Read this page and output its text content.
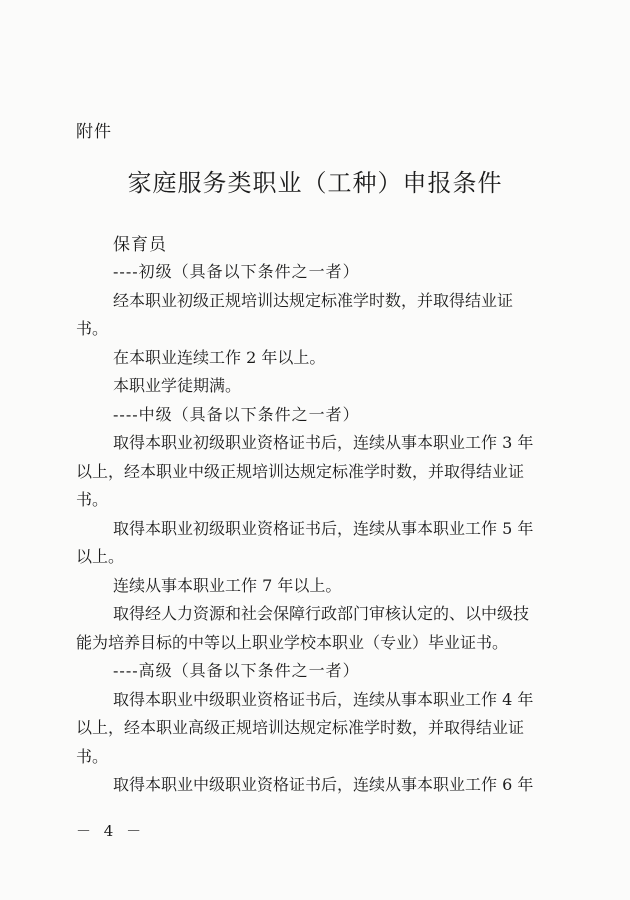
附件
家庭服务类职业（工种）申报条件
保育员
----初级（具备以下条件之一者）
经本职业初级正规培训达规定标准学时数，并取得结业证
书。
在本职业连续工作 2 年以上。
本职业学徒期满。
----中级（具备以下条件之一者）
取得本职业初级职业资格证书后，连续从事本职业工作 3 年
以上，经本职业中级正规培训达规定标准学时数，并取得结业证
书。
取得本职业初级职业资格证书后，连续从事本职业工作 5 年
以上。
连续从事本职业工作 7 年以上。
取得经人力资源和社会保障行政部门审核认定的、以中级技
能为培养目标的中等以上职业学校本职业（专业）毕业证书。
----高级（具备以下条件之一者）
取得本职业中级职业资格证书后，连续从事本职业工作 4 年
以上，经本职业高级正规培训达规定标准学时数，并取得结业证
书。
取得本职业中级职业资格证书后，连续从事本职业工作 6 年
－ 4 －
